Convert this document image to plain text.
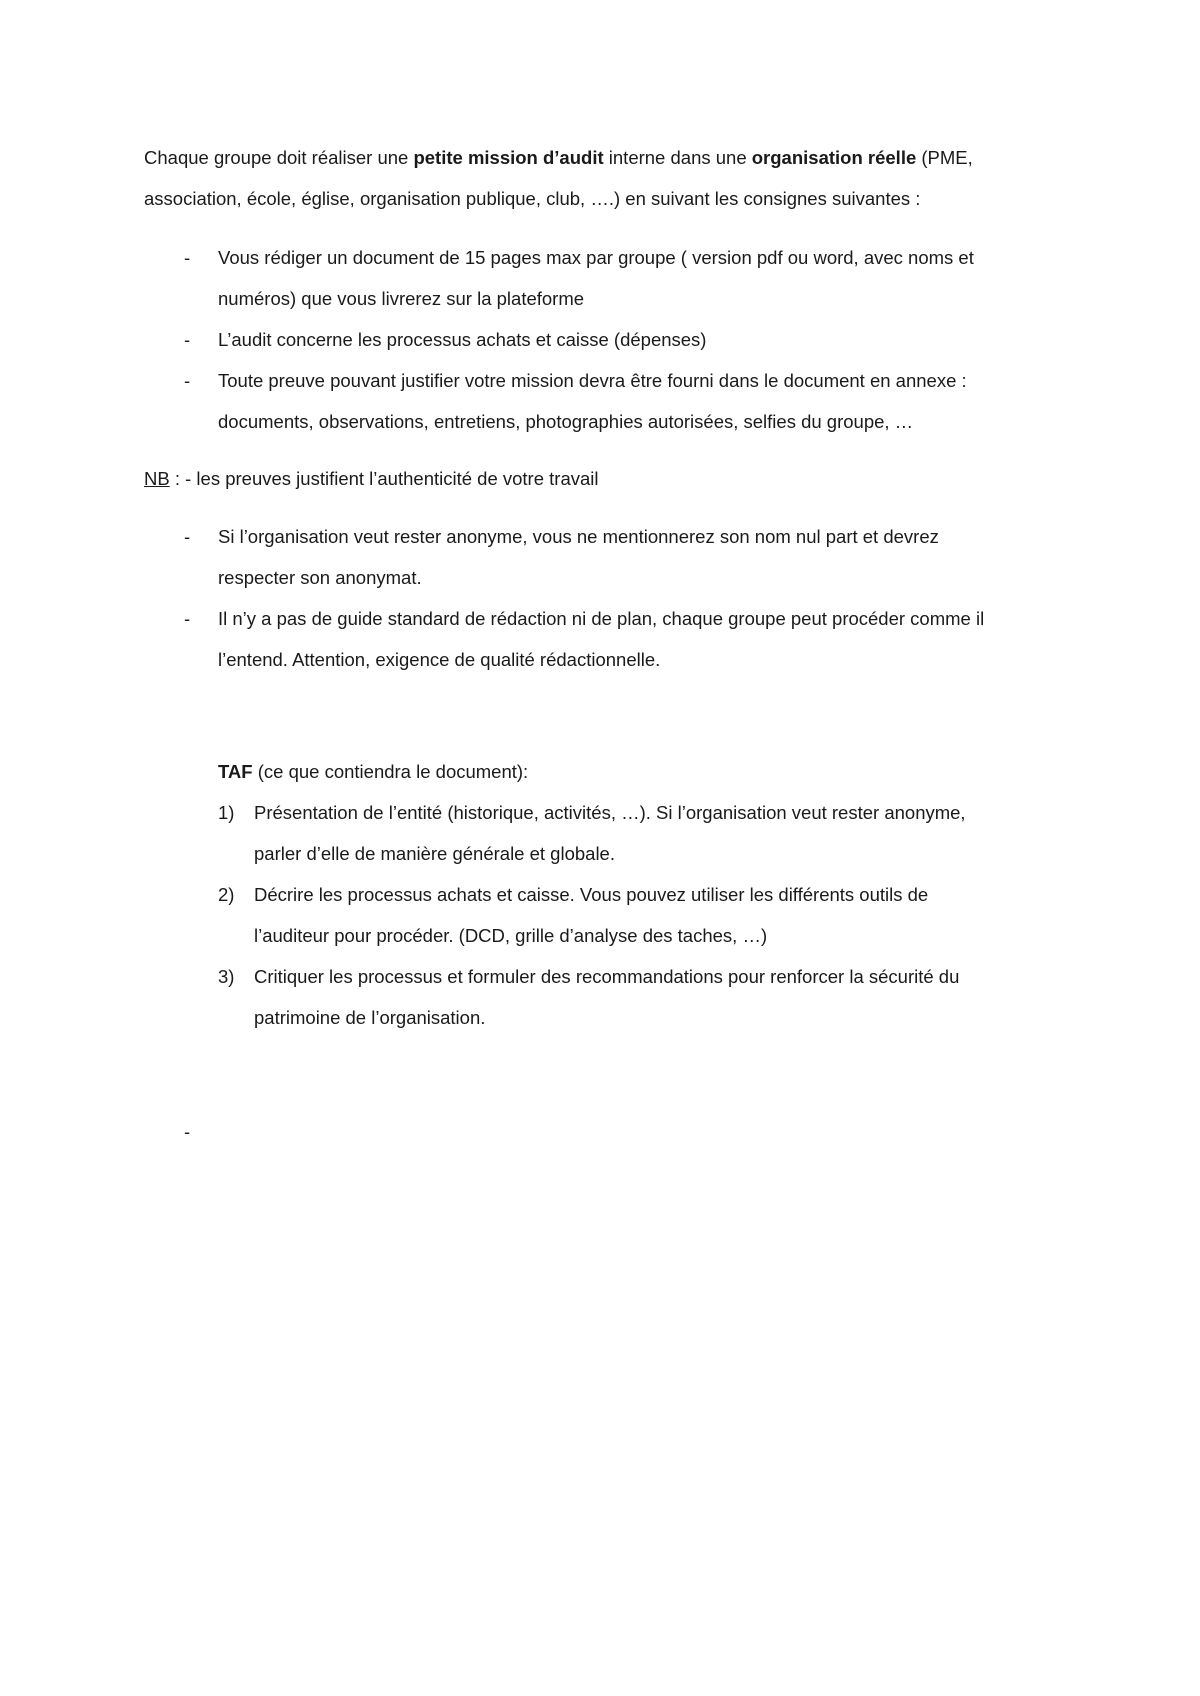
Chaque groupe doit réaliser une petite mission d’audit interne dans une organisation réelle (PME,
association, école, église, organisation publique, club, ….) en suivant les consignes suivantes :
- Vous rédiger un document de 15 pages max par groupe ( version pdf ou word, avec noms et
numéros) que vous livrerez sur la plateforme
- L’audit concerne les processus achats et caisse (dépenses)
- Toute preuve pouvant justifier votre mission devra être fourni dans le document en annexe :
documents, observations, entretiens, photographies autorisées, selfies du groupe, …
NB : - les preuves justifient l’authenticité de votre travail
- Si l’organisation veut rester anonyme, vous ne mentionnerez son nom nul part et devrez
respecter son anonymat.
- Il n’y a pas de guide standard de rédaction ni de plan, chaque groupe peut procéder comme il
l’entend. Attention, exigence de qualité rédactionnelle.
TAF (ce que contiendra le document):
1) Présentation de l’entité (historique, activités, …). Si l’organisation veut rester anonyme,
parler d’elle de manière générale et globale.
2) Décrire les processus achats et caisse. Vous pouvez utiliser les différents outils de
l’auditeur pour procéder. (DCD, grille d’analyse des taches, …)
3) Critiquer les processus et formuler des recommandations pour renforcer la sécurité du
patrimoine de l’organisation.
-
